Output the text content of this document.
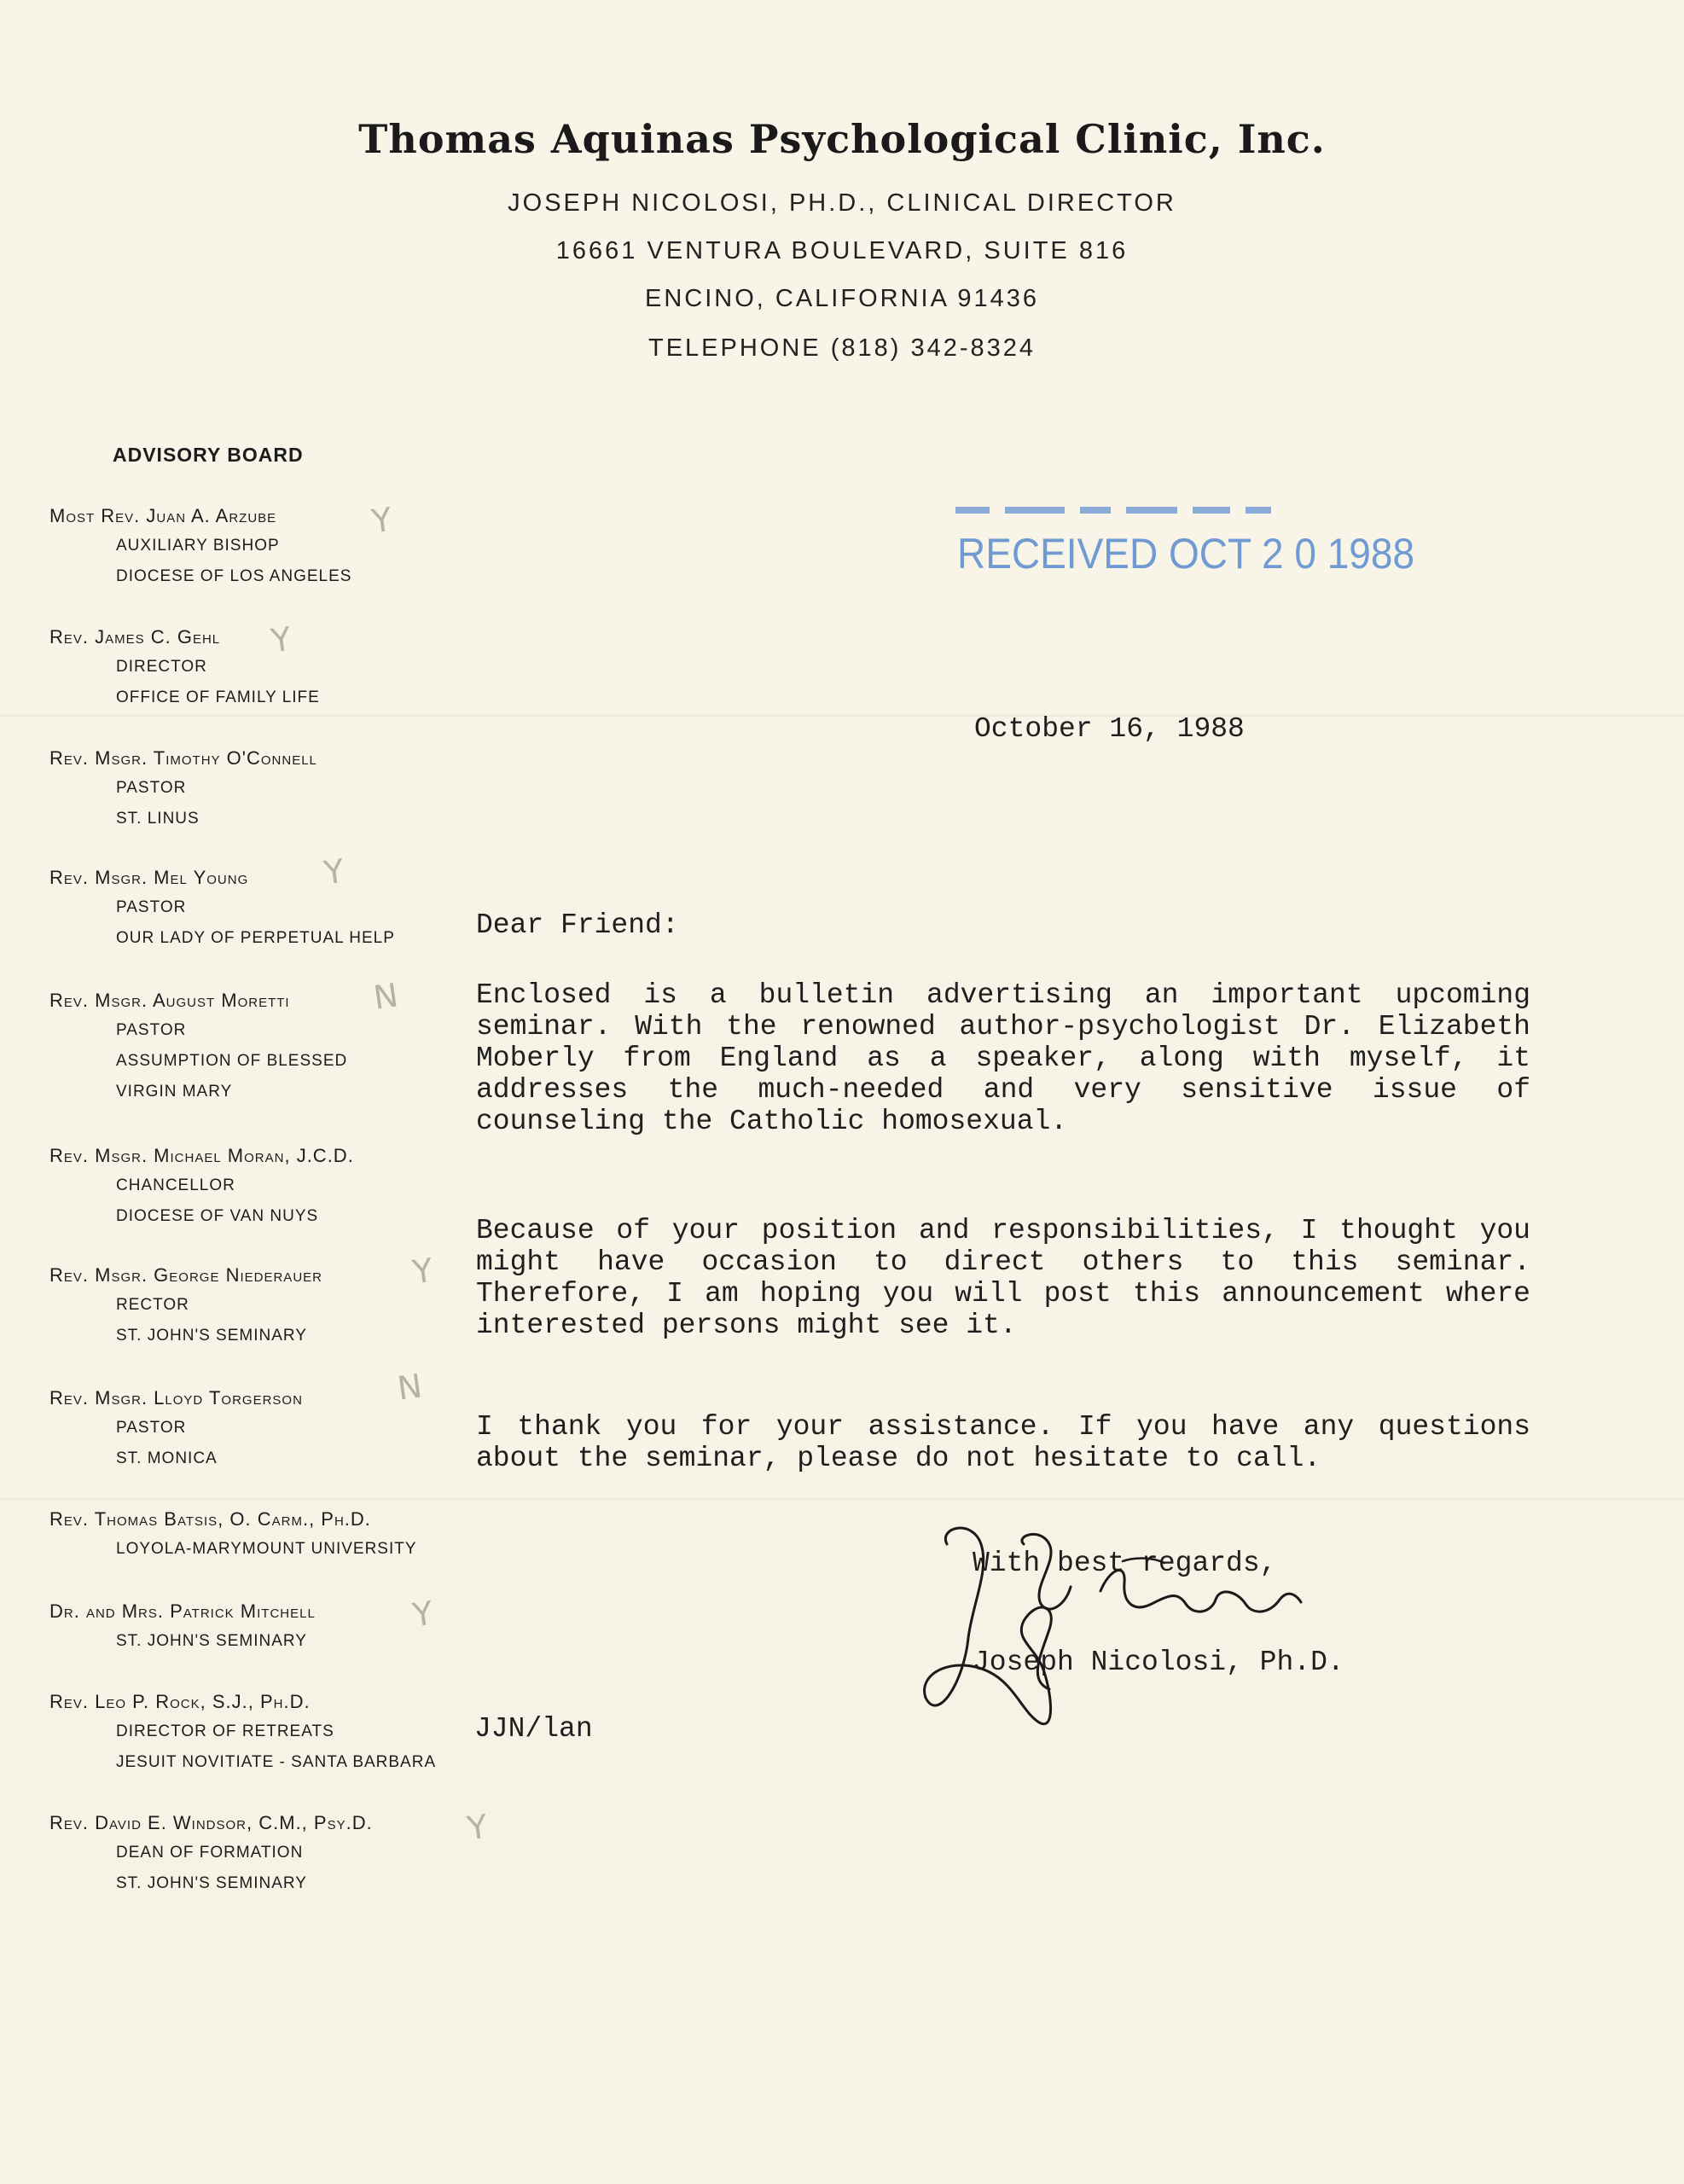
Thomas Aquinas Psychological Clinic, Inc.
JOSEPH NICOLOSI, PH.D., CLINICAL DIRECTOR
16661 VENTURA BOULEVARD, SUITE 816
ENCINO, CALIFORNIA 91436
TELEPHONE (818) 342-8324
ADVISORY BOARD
Most Rev. Juan A. Arzube
AUXILIARY BISHOP
DIOCESE OF LOS ANGELES
Rev. James C. Gehl
DIRECTOR
OFFICE OF FAMILY LIFE
Rev. Msgr. Timothy O'Connell
PASTOR
ST. LINUS
Rev. Msgr. Mel Young
PASTOR
OUR LADY OF PERPETUAL HELP
Rev. Msgr. August Moretti
PASTOR
ASSUMPTION OF BLESSED
VIRGIN MARY
Rev. Msgr. Michael Moran, J.C.D.
CHANCELLOR
DIOCESE OF VAN NUYS
Rev. Msgr. George Niederauer
RECTOR
ST. JOHN'S SEMINARY
Rev. Msgr. Lloyd Torgerson
PASTOR
ST. MONICA
Rev. Thomas Batsis, O. Carm., Ph.D.
LOYOLA-MARYMOUNT UNIVERSITY
Dr. and Mrs. Patrick Mitchell
ST. JOHN'S SEMINARY
Rev. Leo P. Rock, S.J., Ph.D.
DIRECTOR OF RETREATS
JESUIT NOVITIATE - SANTA BARBARA
Rev. David E. Windsor, C.M., Psy.D.
DEAN OF FORMATION
ST. JOHN'S SEMINARY
Y
Y
Y
N
Y
N
Y
Y
RECEIVED OCT 2 0 1988
October 16, 1988
Dear Friend:
Enclosed is a bulletin advertising an important upcoming seminar. With the renowned author-psychologist Dr. Elizabeth Moberly from England as a speaker, along with myself, it addresses the much-needed and very sensitive issue of counseling the Catholic homosexual.
Because of your position and responsibilities, I thought you might have occasion to direct others to this seminar. Therefore, I am hoping you will post this announcement where interested persons might see it.
I thank you for your assistance. If you have any questions about the seminar, please do not hesitate to call.
With best regards,
Joseph Nicolosi, Ph.D.
JJN/lan
